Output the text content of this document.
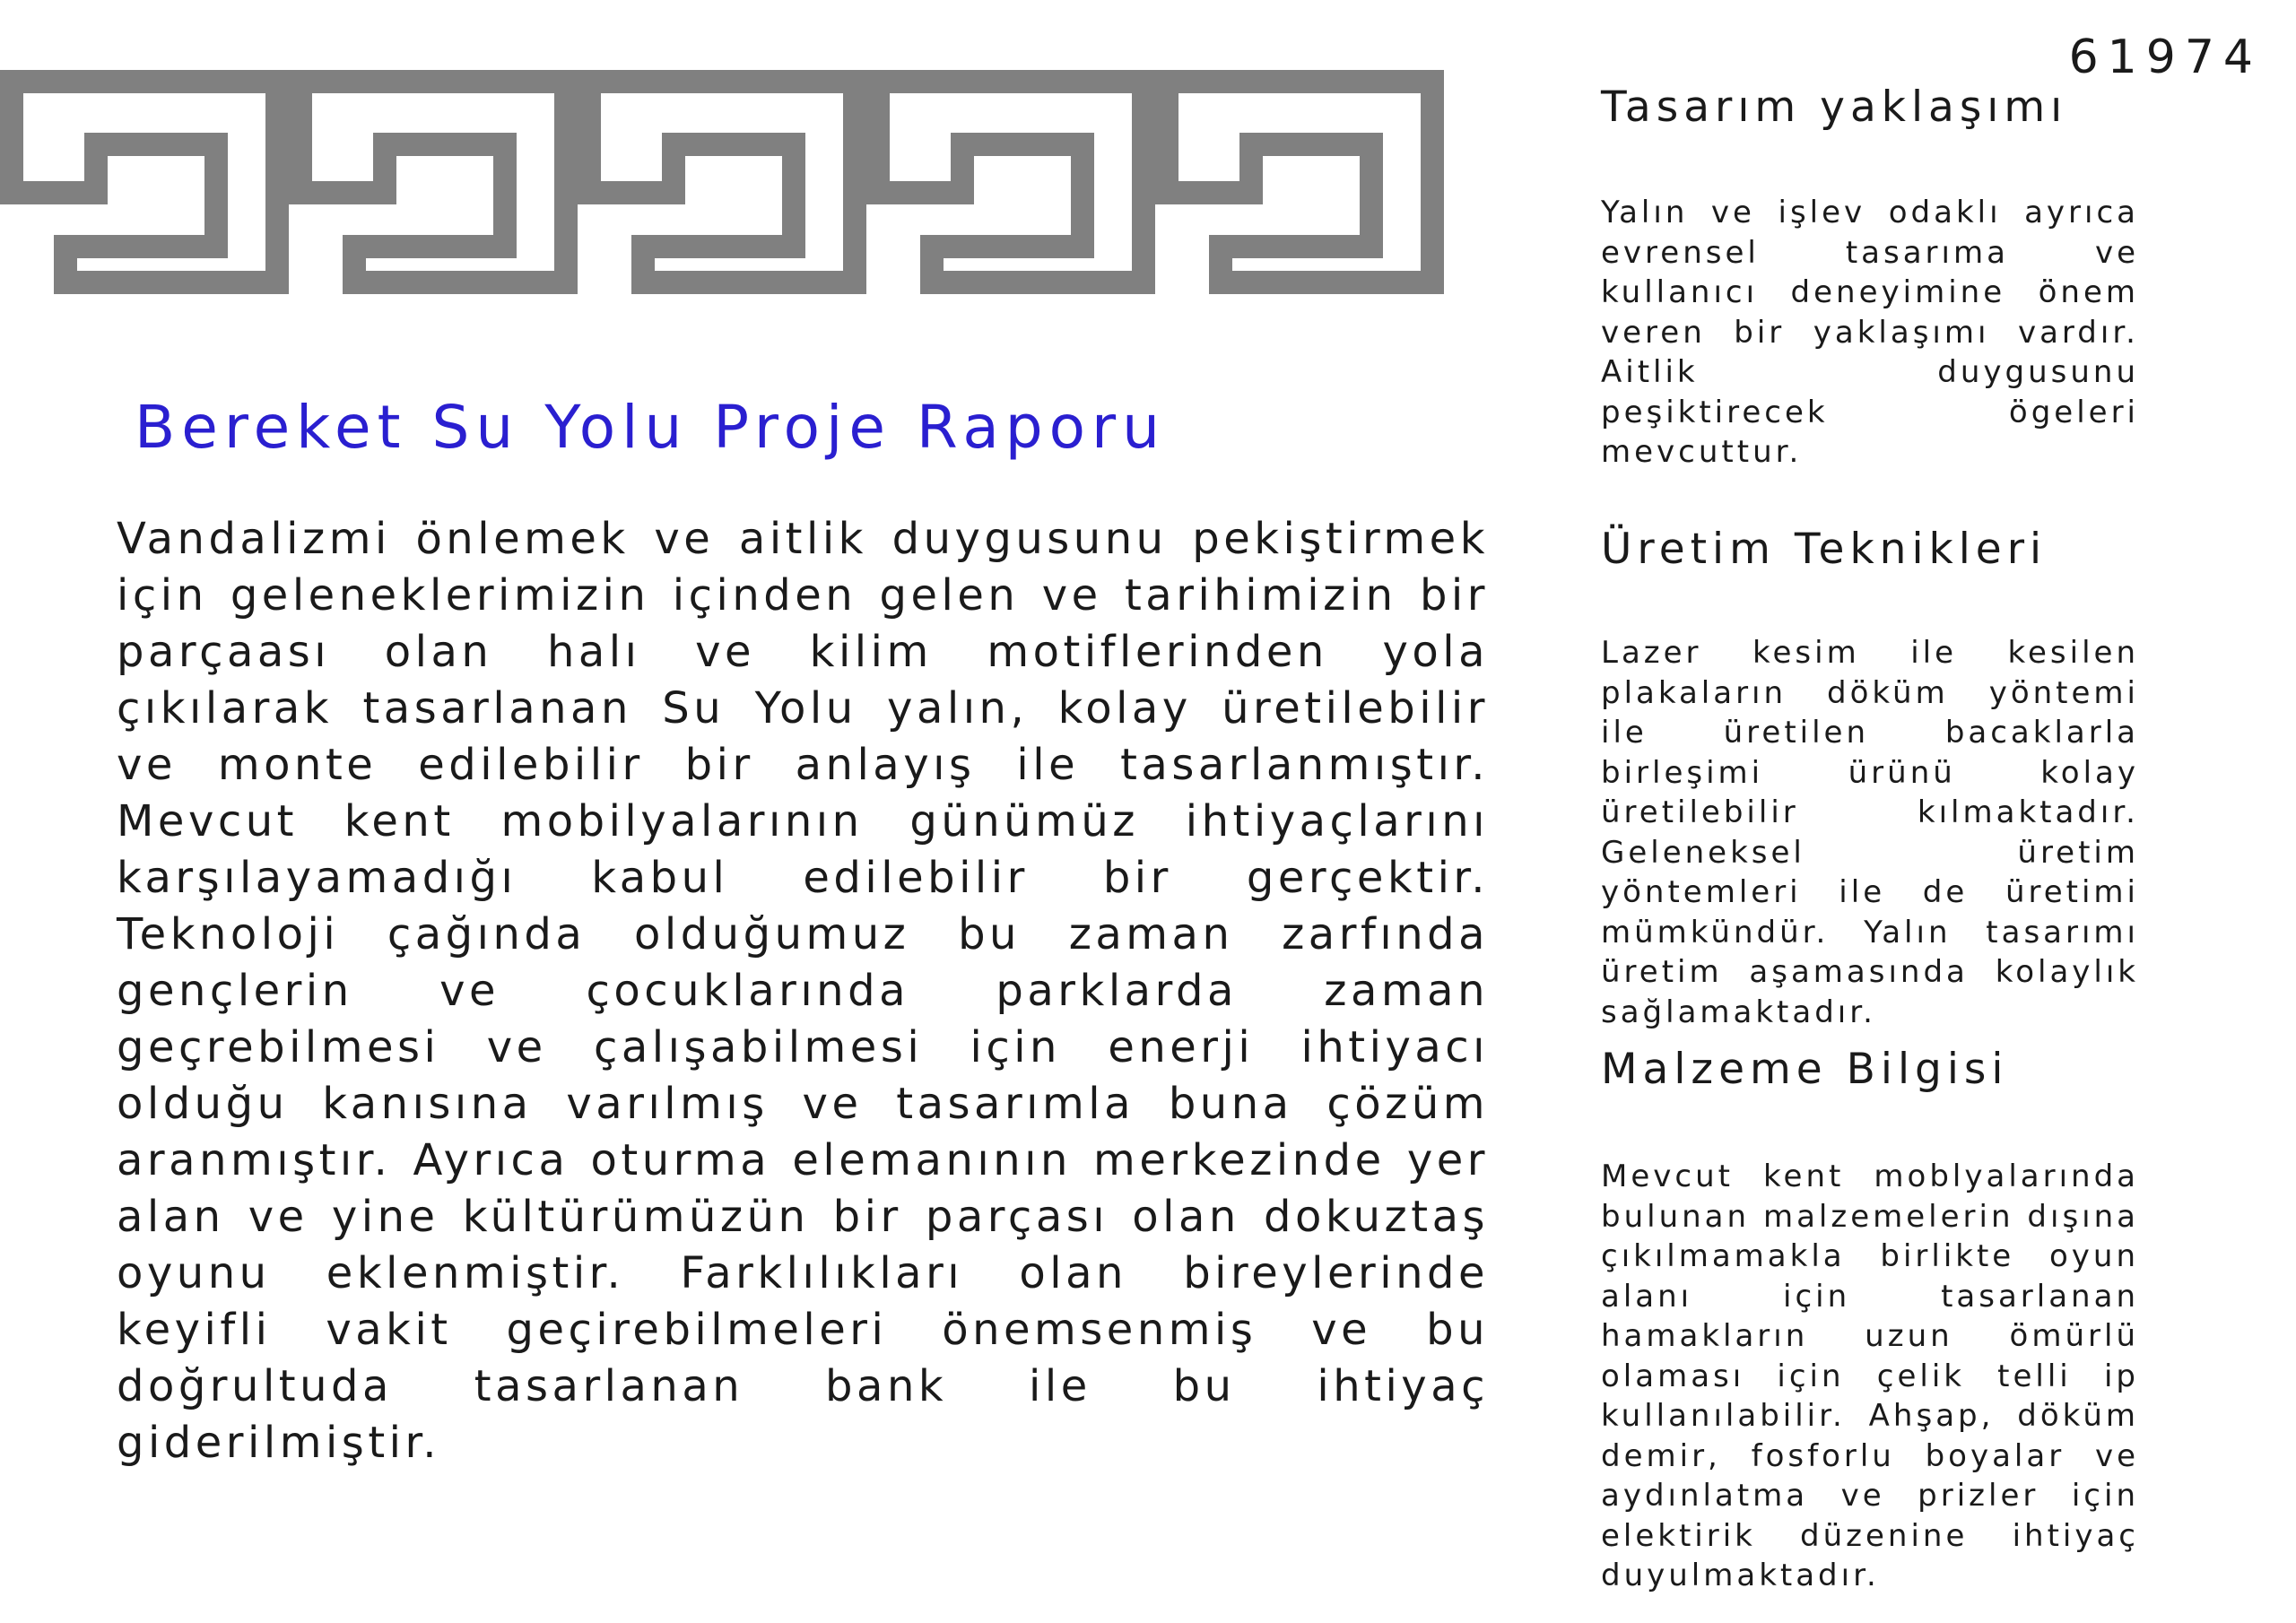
61974
Bereket Su Yolu Proje Raporu

Vandalizmi önlemek ve aitlik duygusunu pekiştirmek için geleneklerimizin içinden gelen ve tarihimizin bir parçaası olan halı ve kilim motiflerinden yola çıkılarak tasarlanan Su Yolu yalın, kolay üretilebilir ve monte edilebilir bir anlayış ile tasarlanmıştır. Mevcut kent mobilyalarının günümüz ihtiyaçlarını karşılayamadığı kabul edilebilir bir gerçektir. Teknoloji çağında olduğumuz bu zaman zarfında gençlerin ve çocuklarında parklarda zaman geçrebilmesi ve çalışabilmesi için enerji ihtiyacı olduğu kanısına varılmış ve tasarımla buna çözüm aranmıştır. Ayrıca oturma elemanının merkezinde yer alan ve yine kültürümüzün bir parçası olan dokuztaş oyunu eklenmiştir. Farklılıkları olan bireylerinde keyifli vakit geçirebilmeleri önemsenmiş ve bu doğrultuda tasarlanan bank ile bu ihtiyaç giderilmiştir.

Tasarım yaklaşımı

Yalın ve işlev odaklı ayrıca evrensel tasarıma ve kullanıcı deneyimine önem veren bir yaklaşımı vardır. Aitlik duygusunu peşiktirecek ögeleri mevcuttur.

Üretim Teknikleri

Lazer kesim ile kesilen plakaların döküm yöntemi ile üretilen bacaklarla birleşimi ürünü kolay üretilebilir kılmaktadır. Geleneksel üretim yöntemleri ile de üretimi mümkündür. Yalın tasarımı üretim aşamasında kolaylık sağlamaktadır.

Malzeme Bilgisi

Mevcut kent moblyalarında bulunan malzemelerin dışına çıkılmamakla birlikte oyun alanı için tasarlanan hamakların uzun ömürlü olaması için çelik telli ip kullanılabilir. Ahşap, döküm demir, fosforlu boyalar ve aydınlatma ve prizler için elektirik düzenine ihtiyaç duyulmaktadır.
